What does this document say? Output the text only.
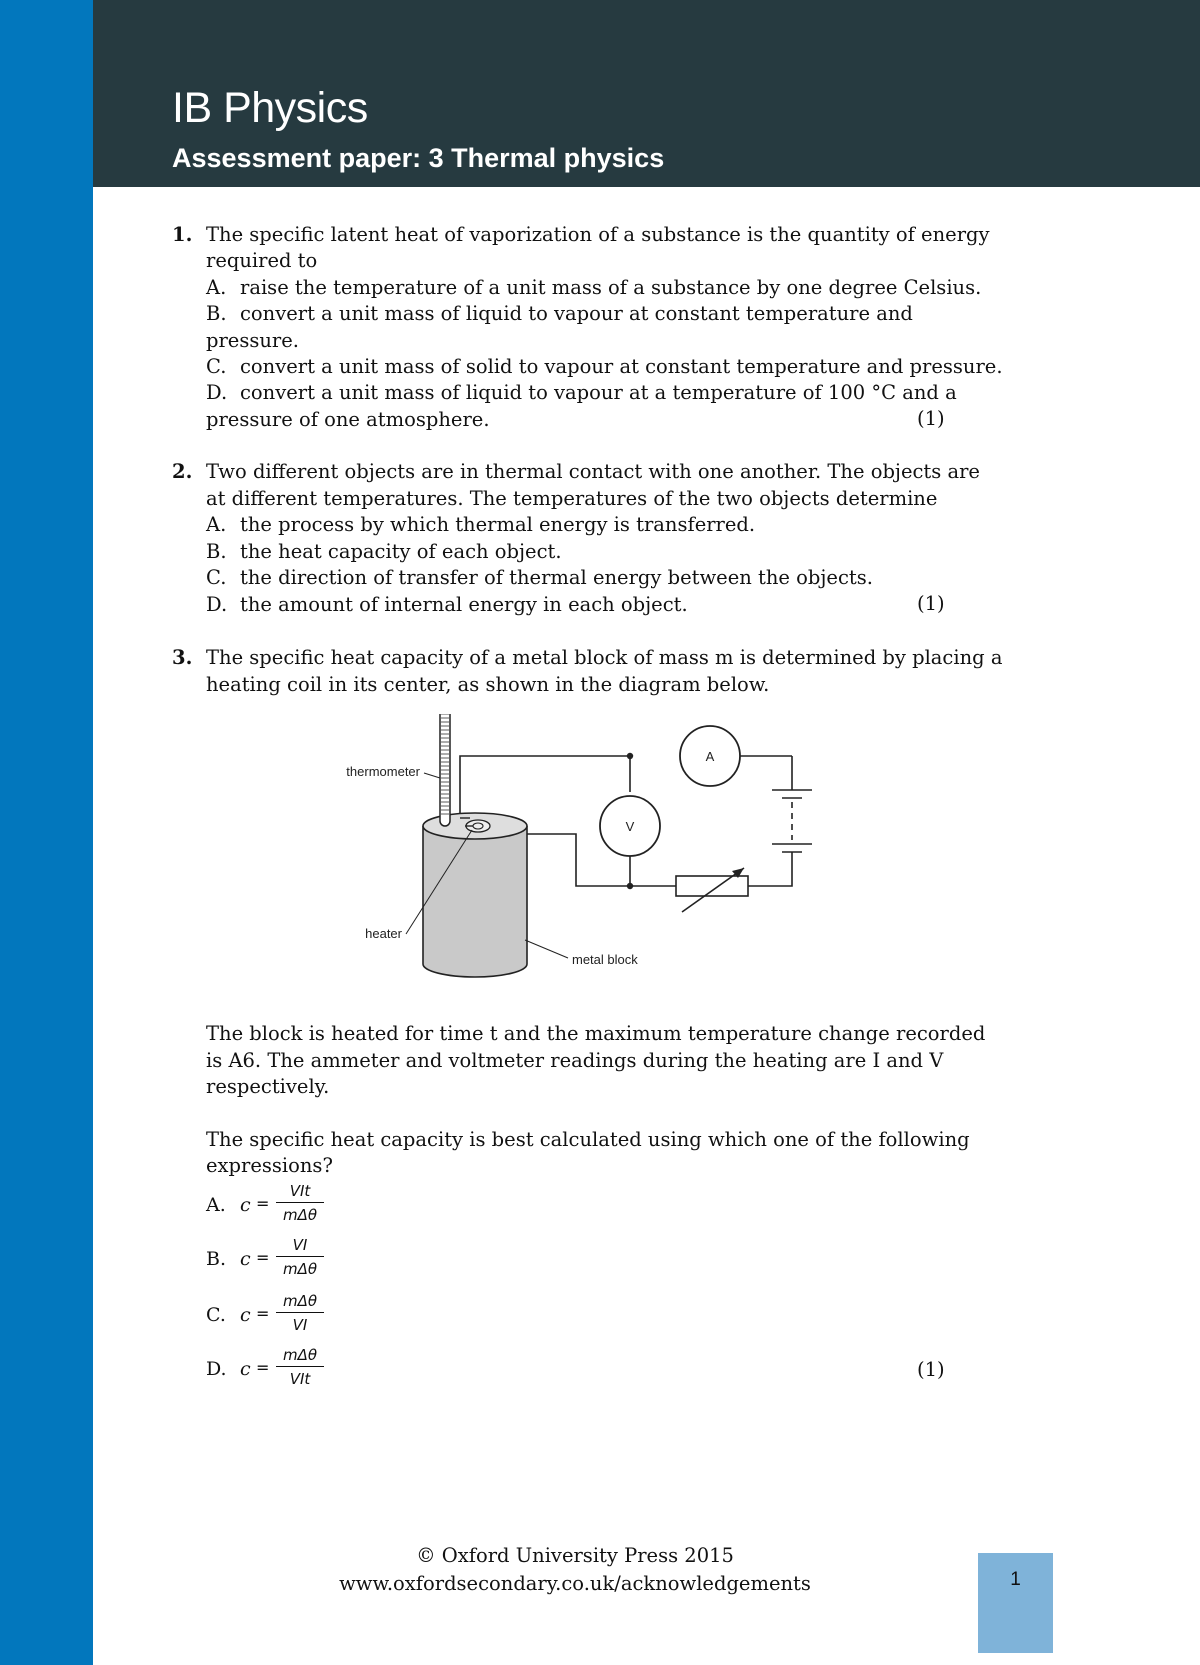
IB Physics
Assessment paper: 3 Thermal physics
1. The specific latent heat of vaporization of a substance is the quantity of energy
required to
A. raise the temperature of a unit mass of a substance by one degree Celsius.
B. convert a unit mass of liquid to vapour at constant temperature and
pressure.
C. convert a unit mass of solid to vapour at constant temperature and pressure.
D. convert a unit mass of liquid to vapour at a temperature of 100 °C and a
pressure of one atmosphere.	(1)
2. Two different objects are in thermal contact with one another. The objects are
at different temperatures. The temperatures of the two objects determine
A. the process by which thermal energy is transferred.
B. the heat capacity of each object.
C. the direction of transfer of thermal energy between the objects.
D. the amount of internal energy in each object.	(1)
3. The specific heat capacity of a metal block of mass m is determined by placing a
heating coil in its center, as shown in the diagram below.
A
V
thermometer
heater
metal block
The block is heated for time t and the maximum temperature change recorded
is A6. The ammeter and voltmeter readings during the heating are I and V
respectively.
The specific heat capacity is best calculated using which one of the following
expressions?
A. c =
VIt
mΔθ
B. c =
VI
mΔθ
C. c =
mΔθ
VI
D. c =
mΔθ
VIt	(1)
© Oxford University Press 2015
www.oxfordsecondary.co.uk/acknowledgements	1
